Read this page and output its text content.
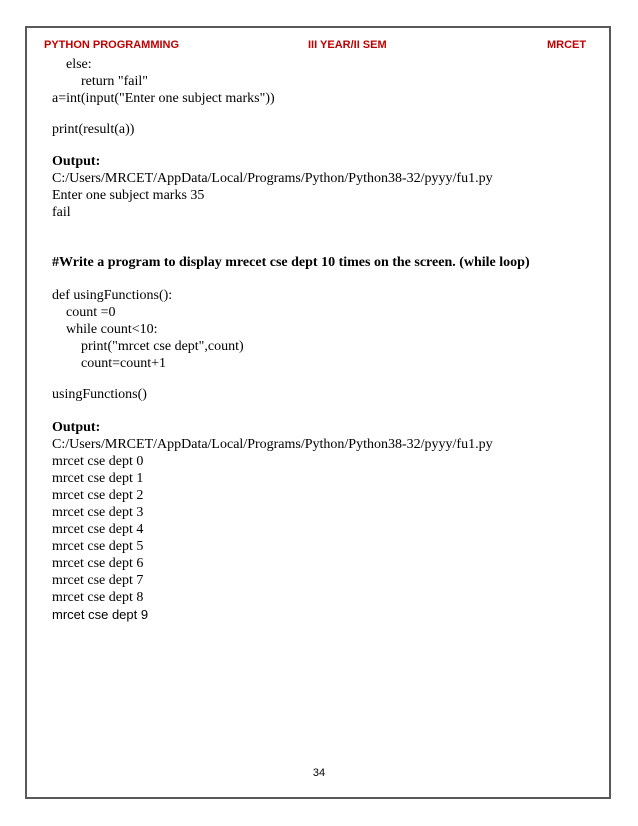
PYTHON PROGRAMMING	III YEAR/II SEM	MRCET
else:
return "fail"
a=int(input("Enter one subject marks"))
print(result(a))
Output:
C:/Users/MRCET/AppData/Local/Programs/Python/Python38-32/pyyy/fu1.py
Enter one subject marks 35
fail
#Write a program to display mrecet cse dept 10 times on the screen. (while loop)
def usingFunctions():
count =0
while count<10:
print("mrcet cse dept",count)
count=count+1
usingFunctions()
Output:
C:/Users/MRCET/AppData/Local/Programs/Python/Python38-32/pyyy/fu1.py
mrcet cse dept 0
mrcet cse dept 1
mrcet cse dept 2
mrcet cse dept 3
mrcet cse dept 4
mrcet cse dept 5
mrcet cse dept 6
mrcet cse dept 7
mrcet cse dept 8
mrcet cse dept 9
34
